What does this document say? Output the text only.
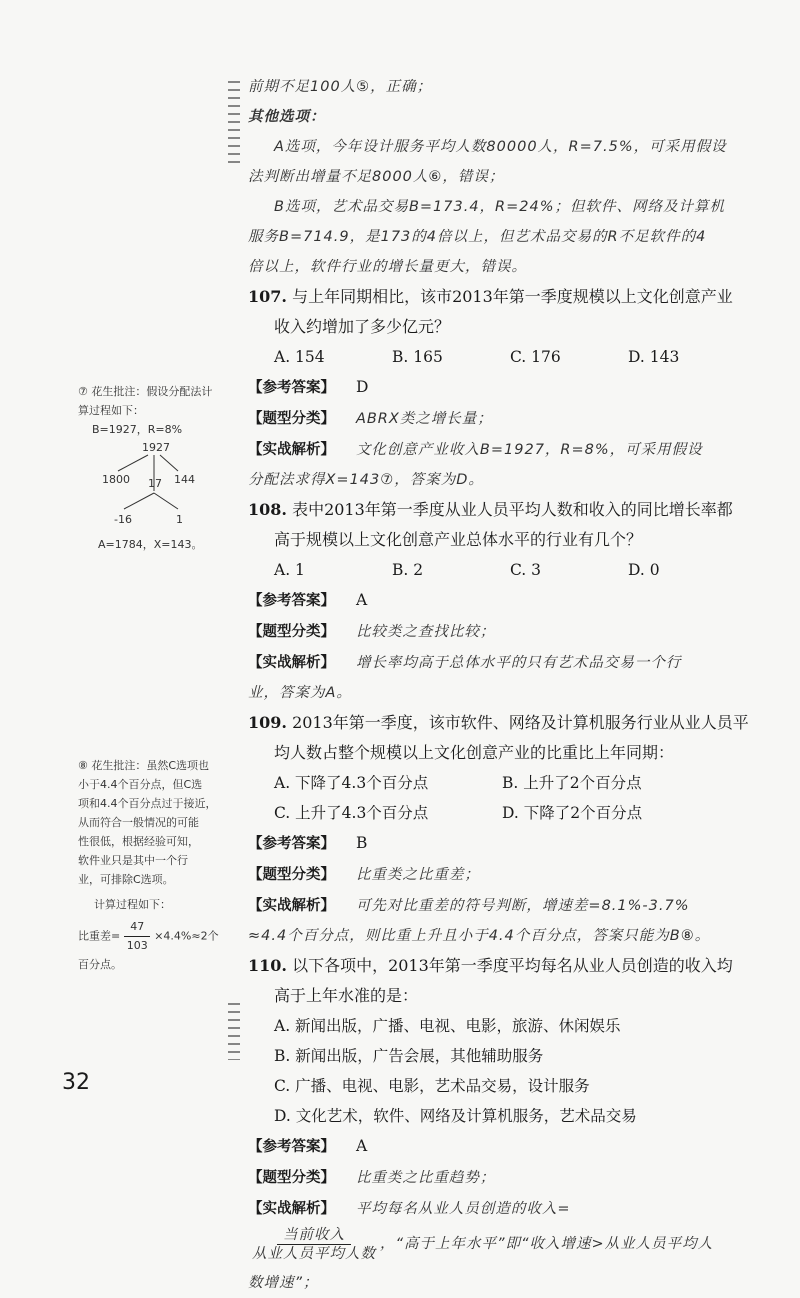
前期不足100人⑤，正确；
其他选项：
A选项，今年设计服务平均人数80000人，R=7.5%，可采用假设
法判断出增量不足8000人⑥，错误；
B选项，艺术品交易B=173.4，R=24%；但软件、网络及计算机
服务B=714.9，是173的4倍以上，但艺术品交易的R不足软件的4
倍以上，软件行业的增长量更大，错误。
107. 与上年同期相比，该市2013年第一季度规模以上文化创意产业
收入约增加了多少亿元？
A. 154	B. 165	C. 176	D. 143
【参考答案】 D
【题型分类】 ABRX类之增长量；
【实战解析】 文化创意产业收入B=1927，R=8%，可采用假设
分配法求得X=143⑦，答案为D。
108. 表中2013年第一季度从业人员平均人数和收入的同比增长率都
高于规模以上文化创意产业总体水平的行业有几个？
A. 1	B. 2	C. 3	D. 0
【参考答案】 A
【题型分类】 比较类之查找比较；
【实战解析】 增长率均高于总体水平的只有艺术品交易一个行
业，答案为A。
109. 2013年第一季度，该市软件、网络及计算机服务行业从业人员平
均人数占整个规模以上文化创意产业的比重比上年同期：
A. 下降了4.3个百分点	B. 上升了2个百分点
C. 上升了4.3个百分点	D. 下降了2个百分点
【参考答案】 B
【题型分类】 比重类之比重差；
【实战解析】 可先对比重差的符号判断，增速差=8.1%-3.7%
≈4.4个百分点，则比重上升且小于4.4个百分点，答案只能为B⑧。
110. 以下各项中，2013年第一季度平均每名从业人员创造的收入均
高于上年水准的是：
A. 新闻出版，广播、电视、电影，旅游、休闲娱乐
B. 新闻出版，广告会展，其他辅助服务
C. 广播、电视、电影，艺术品交易，设计服务
D. 文化艺术，软件、网络及计算机服务，艺术品交易
【参考答案】 A
【题型分类】 比重类之比重趋势；
【实战解析】 平均每名从业人员创造的收入=
$\frac{\text{当前收入}}{\text{从业人员平均人数}}$ ，“高于上年水平”即“收入增速>从业人员平均人
数增速”；
⑦ 花生批注：假设分配法计
算过程如下：
B=1927，R=8%
1927
1800 17 144
-16	1
A=1784，X=143。
⑧ 花生批注：虽然C选项也
小于4.4个百分点，但C选
项和4.4个百分点过于接近，
从而符合一般情况的可能
性很低，根据经验可知，
软件业只是其中一个行
业，可排除C选项。
计算过程如下：
比重差= $\frac{47}{103} \times 4.4\%\approx 2$个
百分点。
32
